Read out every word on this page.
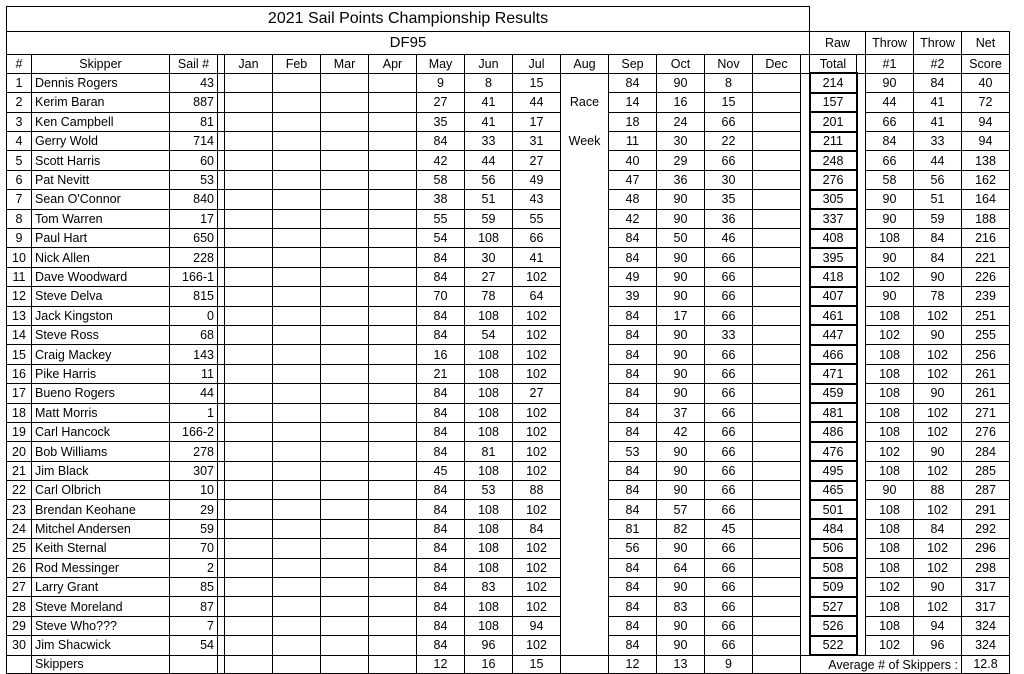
2021 Sail Points Championship Results																					
DF95																	Raw		Throw	Throw	Net
#	Skipper	Sail #		Jan	Feb	Mar	Apr	May	Jun	Jul	Aug	Sep	Oct	Nov	Dec		Total		#1	#2	Score
1	Dennis Rogers	43						9	8	15		84	90	8			214		90	84	40
2	Kerim Baran	887						27	41	44	Race	14	16	15			157		44	41	72
3	Ken Campbell	81						35	41	17		18	24	66			201		66	41	94
4	Gerry Wold	714						84	33	31	Week	11	30	22			211		84	33	94
5	Scott Harris	60						42	44	27		40	29	66			248		66	44	138
6	Pat Nevitt	53						58	56	49		47	36	30			276		58	56	162
7	Sean O'Connor	840						38	51	43		48	90	35			305		90	51	164
8	Tom Warren	17						55	59	55		42	90	36			337		90	59	188
9	Paul Hart	650						54	108	66		84	50	46			408		108	84	216
10	Nick Allen	228						84	30	41		84	90	66			395		90	84	221
11	Dave Woodward	166-1						84	27	102		49	90	66			418		102	90	226
12	Steve Delva	815						70	78	64		39	90	66			407		90	78	239
13	Jack Kingston	0						84	108	102		84	17	66			461		108	102	251
14	Steve Ross	68						84	54	102		84	90	33			447		102	90	255
15	Craig Mackey	143						16	108	102		84	90	66			466		108	102	256
16	Pike Harris	11						21	108	102		84	90	66			471		108	102	261
17	Bueno Rogers	44						84	108	27		84	90	66			459		108	90	261
18	Matt Morris	1						84	108	102		84	37	66			481		108	102	271
19	Carl Hancock	166-2						84	108	102		84	42	66			486		108	102	276
20	Bob Williams	278						84	81	102		53	90	66			476		102	90	284
21	Jim Black	307						45	108	102		84	90	66			495		108	102	285
22	Carl Olbrich	10						84	53	88		84	90	66			465		90	88	287
23	Brendan Keohane	29						84	108	102		84	57	66			501		108	102	291
24	Mitchel Andersen	59						84	108	84		81	82	45			484		108	84	292
25	Keith Sternal	70						84	108	102		56	90	66			506		108	102	296
26	Rod Messinger	2						84	108	102		84	64	66			508		108	102	298
27	Larry Grant	85						84	83	102		84	90	66			509		102	90	317
28	Steve Moreland	87						84	108	102		84	83	66			527		108	102	317
29	Steve Who???	7						84	108	94		84	90	66			526		108	94	324
30	Jim Shacwick	54						84	96	102		84	90	66			522		102	96	324
	Skippers							12	16	15		12	13	9		Average # of Skippers :					12.8
